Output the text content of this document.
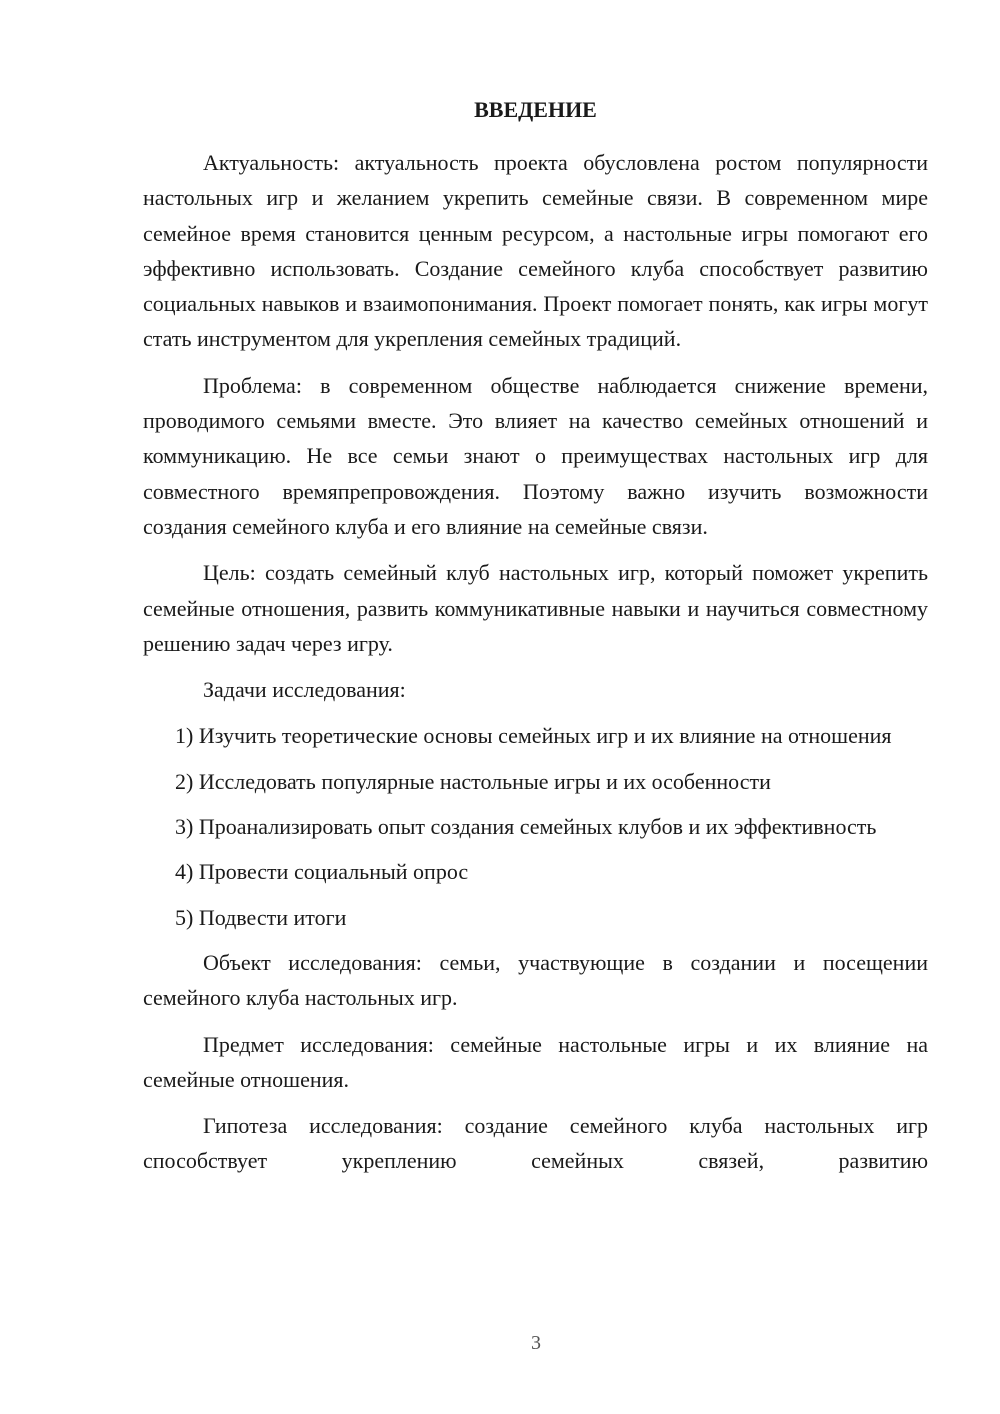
ВВЕДЕНИЕ

Актуальность: актуальность проекта обусловлена ростом популярности настольных игр и желанием укрепить семейные связи. В современном мире семейное время становится ценным ресурсом, а настольные игры помогают его эффективно использовать. Создание семейного клуба способствует развитию социальных навыков и взаимопонимания. Проект помогает понять, как игры могут стать инструментом для укрепления семейных традиций.

Проблема: в современном обществе наблюдается снижение времени, проводимого семьями вместе. Это влияет на качество семейных отношений и коммуникацию. Не все семьи знают о преимуществах настольных игр для совместного времяпрепровождения. Поэтому важно изучить возможности создания семейного клуба и его влияние на семейные связи.

Цель: создать семейный клуб настольных игр, который поможет укрепить семейные отношения, развить коммуникативные навыки и научиться совместному решению задач через игру.

Задачи исследования:

1) Изучить теоретические основы семейных игр и их влияние на отношения

2) Исследовать популярные настольные игры и их особенности

3) Проанализировать опыт создания семейных клубов и их эффективность

4) Провести социальный опрос

5) Подвести итоги

Объект исследования: семьи, участвующие в создании и посещении семейного клуба настольных игр.

Предмет исследования: семейные настольные игры и их влияние на семейные отношения.

Гипотеза исследования: создание семейного клуба настольных игр способствует укреплению семейных связей, развитию

3
